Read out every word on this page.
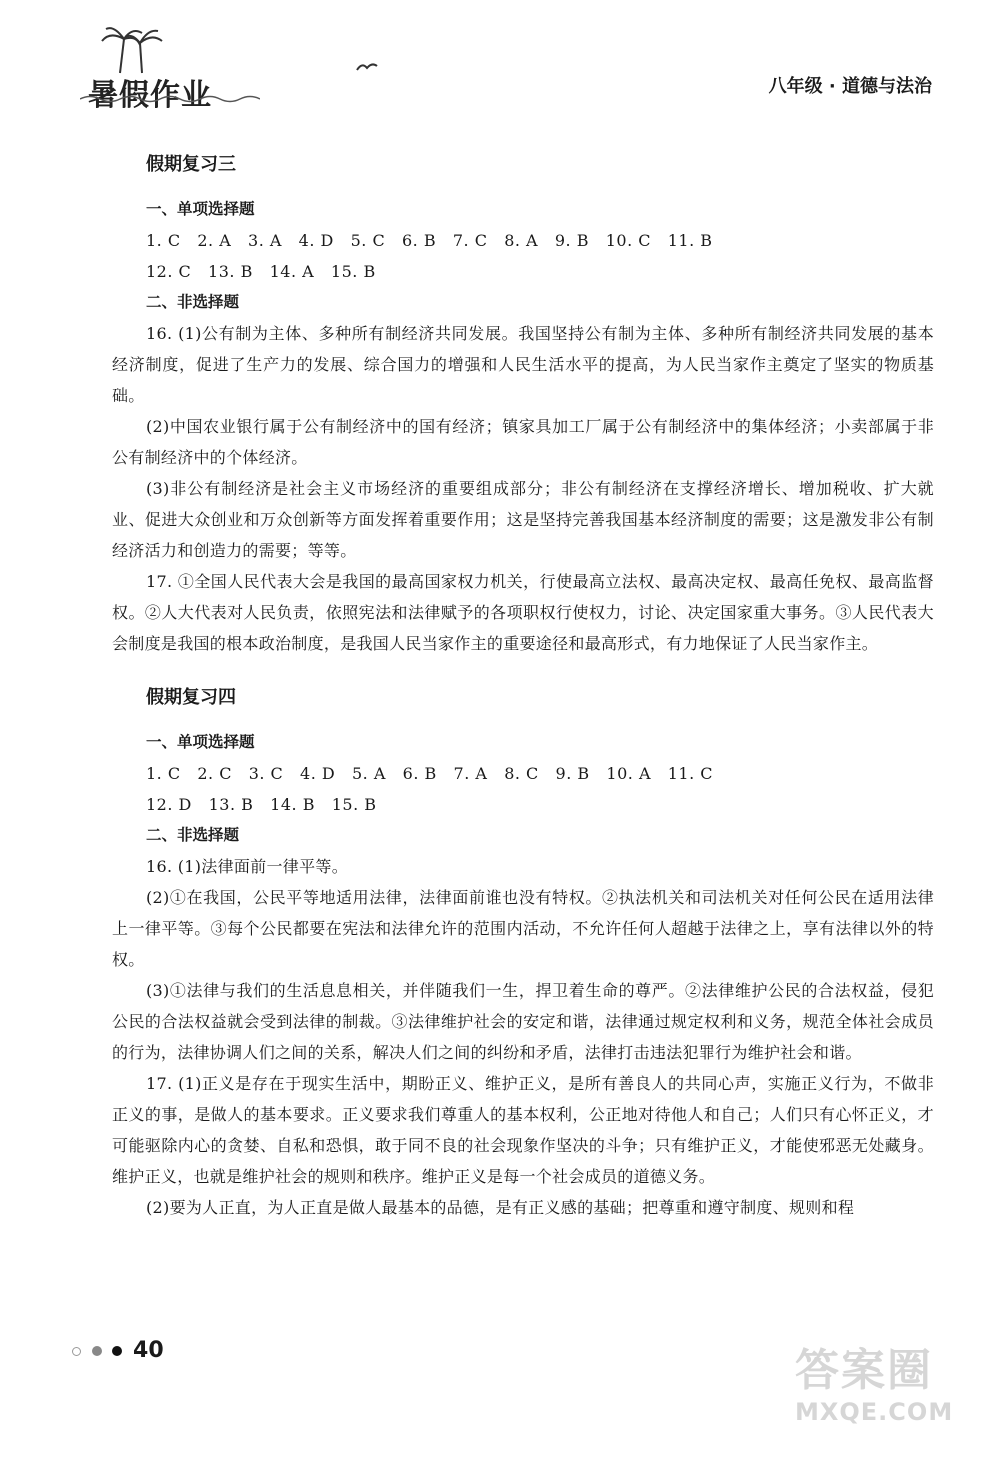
暑假作业	八年级 · 道德与法治
假期复习三
一、单项选择题
1. C   2. A   3. A   4. D   5. C   6. B   7. C   8. A   9. B   10. C   11. B
12. C   13. B   14. A   15. B
二、非选择题

16. (1)公有制为主体、多种所有制经济共同发展。我国坚持公有制为主体、多种所有制经济共同发展的基本经济制度，促进了生产力的发展、综合国力的增强和人民生活水平的提高，为人民当家作主奠定了坚实的物质基础。

(2)中国农业银行属于公有制经济中的国有经济；镇家具加工厂属于公有制经济中的集体经济；小卖部属于非公有制经济中的个体经济。

(3)非公有制经济是社会主义市场经济的重要组成部分；非公有制经济在支撑经济增长、增加税收、扩大就业、促进大众创业和万众创新等方面发挥着重要作用；这是坚持完善我国基本经济制度的需要；这是激发非公有制经济活力和创造力的需要；等等。

17. ①全国人民代表大会是我国的最高国家权力机关，行使最高立法权、最高决定权、最高任免权、最高监督权。②人大代表对人民负责，依照宪法和法律赋予的各项职权行使权力，讨论、决定国家重大事务。③人民代表大会制度是我国的根本政治制度，是我国人民当家作主的重要途径和最高形式，有力地保证了人民当家作主。

假期复习四
一、单项选择题
1. C   2. C   3. C   4. D   5. A   6. B   7. A   8. C   9. B   10. A   11. C
12. D   13. B   14. B   15. B
二、非选择题

16. (1)法律面前一律平等。

(2)①在我国，公民平等地适用法律，法律面前谁也没有特权。②执法机关和司法机关对任何公民在适用法律上一律平等。③每个公民都要在宪法和法律允许的范围内活动，不允许任何人超越于法律之上，享有法律以外的特权。

(3)①法律与我们的生活息息相关，并伴随我们一生，捍卫着生命的尊严。②法律维护公民的合法权益，侵犯公民的合法权益就会受到法律的制裁。③法律维护社会的安定和谐，法律通过规定权利和义务，规范全体社会成员的行为，法律协调人们之间的关系，解决人们之间的纠纷和矛盾，法律打击违法犯罪行为维护社会和谐。

17. (1)正义是存在于现实生活中，期盼正义、维护正义，是所有善良人的共同心声，实施正义行为，不做非正义的事，是做人的基本要求。正义要求我们尊重人的基本权利，公正地对待他人和自己；人们只有心怀正义，才可能驱除内心的贪婪、自私和恐惧，敢于同不良的社会现象作坚决的斗争；只有维护正义，才能使邪恶无处藏身。维护正义，也就是维护社会的规则和秩序。维护正义是每一个社会成员的道德义务。

(2)要为人正直，为人正直是做人最基本的品德，是有正义感的基础；把尊重和遵守制度、规则和程

40	答案圈
MXQE.COM
